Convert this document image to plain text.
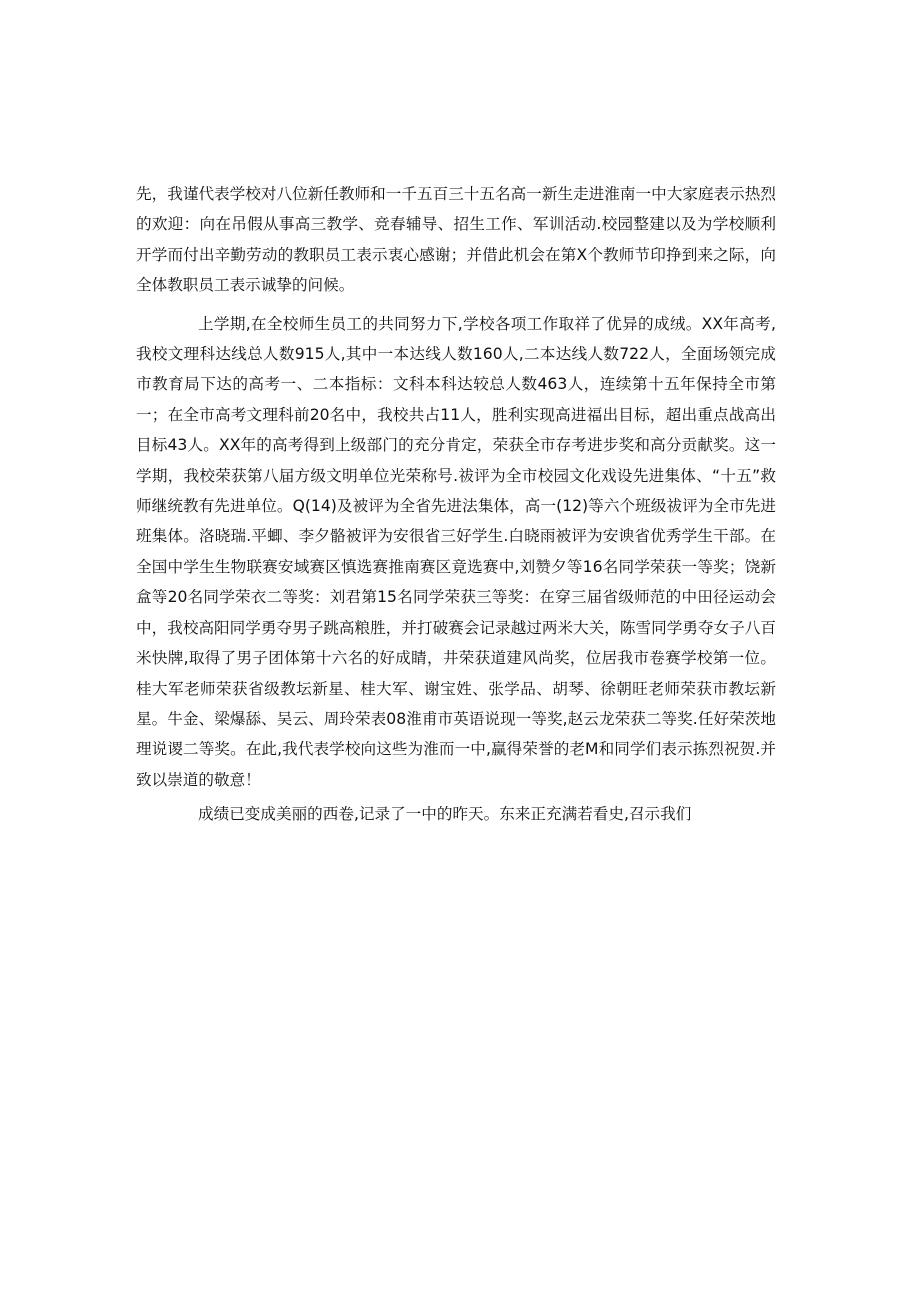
先，我谨代表学校对八位新任教师和一千五百三十五名高一新生走进淮南一中大家庭表示热烈的欢迎：向在吊假从事高三教学、竞春辅导、招生工作、军训活动.校园整建以及为学校顺利开学而付出辛勤劳动的教职员工表示衷心感谢；并借此机会在第X个教师节印挣到来之际，向全体教职员工表示诚挚的问候。

上学期,在全校师生员工的共同努力下,学校各项工作取祥了优异的成绒。XX年高考,我校文理科达线总人数915人,其中一本达线人数160人,二本达线人数722人，全面场领完成市教育局下达的高考一、二本指标：文科本科达较总人数463人，连续第十五年保持全市第一；在全市高考文理科前20名中，我校共占11人，胜利实现高进福出目标，超出重点战高出目标43人。XX年的高考得到上级部门的充分肯定，荣获全市存考进步奖和高分贡献奖。这一学期，我校荣获第八届方级文明单位光荣称号.祓评为全市校园文化戏设先进集体、“十五”救师继统教有先进单位。Q(14)及被评为全省先进法集体，高一(12)等六个班级祓评为全市先进班集体。洛晓瑞.平蝍、李夕骼被评为安很省三好学生.白晓雨被评为安谀省优秀学生干部。在全国中学生生物联赛安域赛区慎选赛推南赛区竟选赛中,刘赞夕等16名同学荣获一等奖；饶新盒等20名同学荣衣二等奖：刘君第15名同学荣获三等奖：在穿三届省级师范的中田径运动会中，我校高阳同学勇夺男子跳高粮胜，并打破赛会记录越过两米大关，陈雪同学勇夺女子八百米快牌,取得了男子团体第十六名的好成睛，井荣获道建风尚奖，位居我市卷赛学校第一位。桂大军老师荣获省级教坛新星、桂大军、谢宝姓、张学品、胡琴、徐朝旺老师荣获市教坛新星。牛金、梁爆舔、吴云、周玲荣表08淮甫市英语说现一等奖,赵云龙荣获二等奖.任好荣茨地理说谡二等奖。在此,我代表学校向这些为淮而一中,赢得荣誉的老M和同学们表示拣烈祝贺.并致以崇道的敬意！

成绩已变成美丽的西卷,记录了一中的昨天。东来正充满若看史,召示我们
